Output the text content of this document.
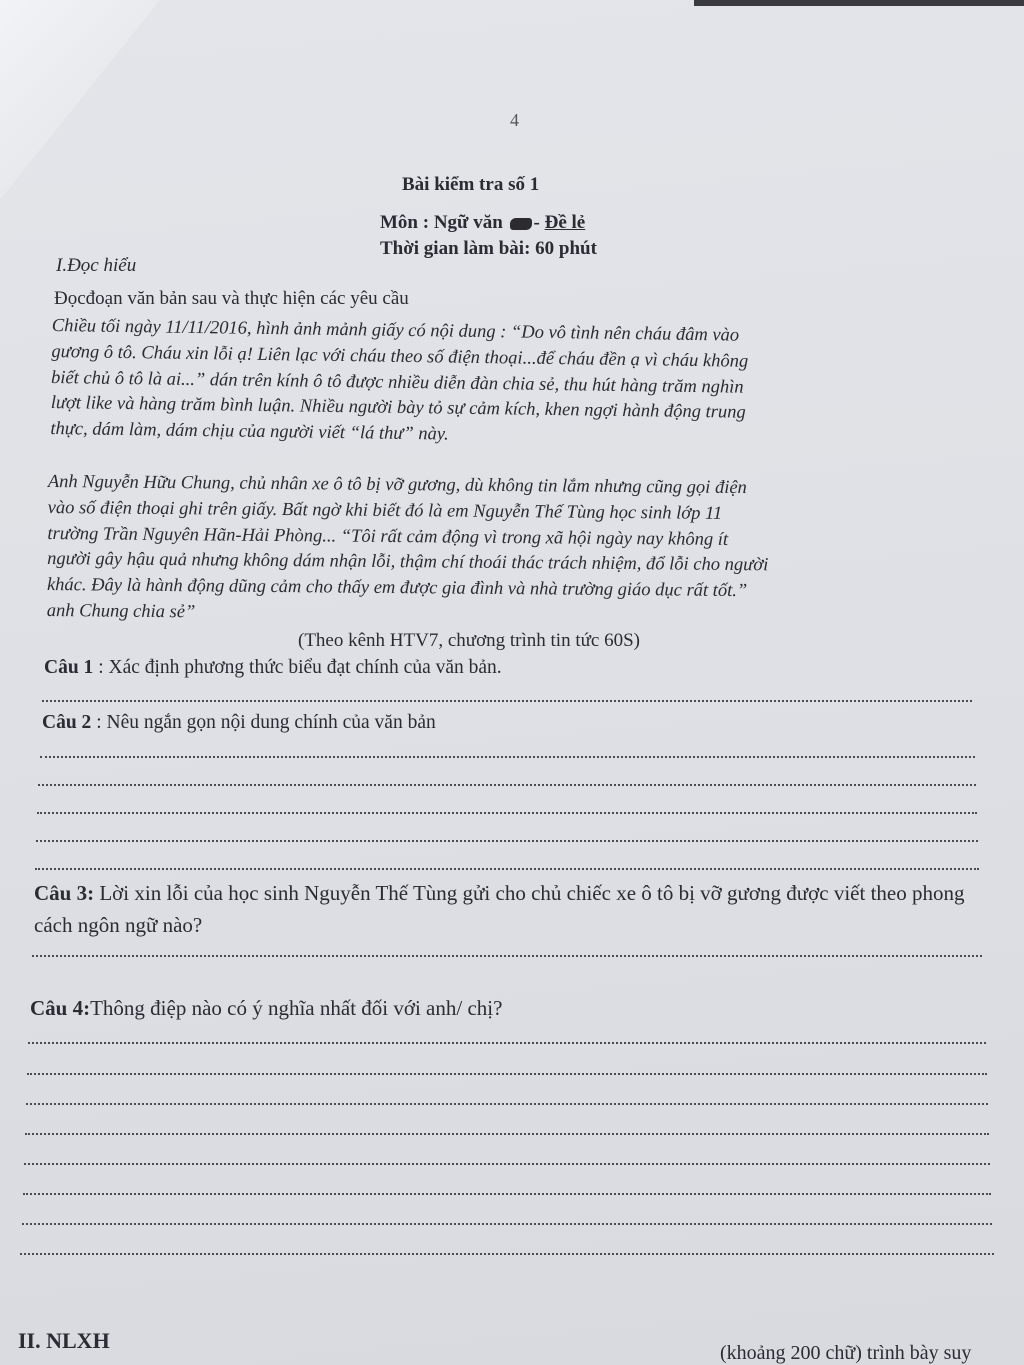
4
Bài kiểm tra số 1
Môn : Ngữ văn - Đề lẻ
Thời gian làm bài: 60 phút
I.Đọc hiểu
Đọcđoạn văn bản sau và thực hiện các yêu cầu
Chiều tối ngày 11/11/2016, hình ảnh mảnh giấy có nội dung : “Do vô tình nên cháu đâm vào
gương ô tô. Cháu xin lỗi ạ! Liên lạc với cháu theo số điện thoại...để cháu đền ạ vì cháu không
biết chủ ô tô là ai...” dán trên kính ô tô được nhiều diễn đàn chia sẻ, thu hút hàng trăm nghìn
lượt like và hàng trăm bình luận. Nhiều người bày tỏ sự cảm kích, khen ngợi hành động trung
thực, dám làm, dám chịu của người viết “lá thư” này.
Anh Nguyễn Hữu Chung, chủ nhân xe ô tô bị vỡ gương, dù không tin lắm nhưng cũng gọi điện
vào số điện thoại ghi trên giấy. Bất ngờ khi biết đó là em Nguyễn Thế Tùng học sinh lớp 11
trường Trần Nguyên Hãn-Hải Phòng... “Tôi rất cảm động vì trong xã hội ngày nay không ít
người gây hậu quả nhưng không dám nhận lỗi, thậm chí thoái thác trách nhiệm, đổ lỗi cho người
khác. Đây là hành động dũng cảm cho thấy em được gia đình và nhà trường giáo dục rất tốt.”
anh Chung chia sẻ”
(Theo kênh HTV7, chương trình tin tức 60S)
Câu 1 : Xác định phương thức biểu đạt chính của văn bản.
Câu 2 : Nêu ngắn gọn nội dung chính của văn bản
Câu 3: Lời xin lỗi của học sinh Nguyễn Thế Tùng gửi cho chủ chiếc xe ô tô bị vỡ gương được viết theo phong cách ngôn ngữ nào?
Câu 4:Thông điệp nào có ý nghĩa nhất đối với anh/ chị?
II. NLXH	(khoảng 200 chữ) trình bày suy
